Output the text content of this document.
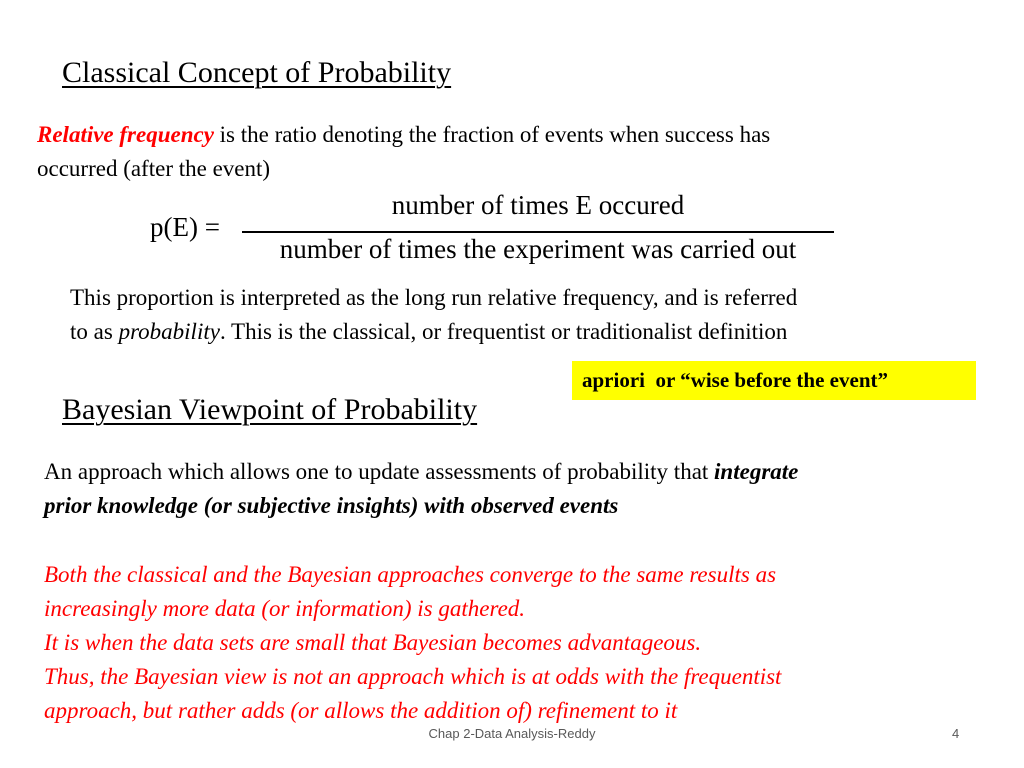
Classical Concept of Probability
Relative frequency is the ratio denoting the fraction of events when success has
occurred (after the event)
p(E) =
number of times E occured
number of times the experiment was carried out
This proportion is interpreted as the long run relative frequency, and is referred
to as probability. This is the classical, or frequentist or traditionalist definition
apriori  or “wise before the event”
Bayesian Viewpoint of Probability
An approach which allows one to update assessments of probability that integrate
prior knowledge (or subjective insights) with observed events
Both the classical and the Bayesian approaches converge to the same results as
increasingly more data (or information) is gathered.
It is when the data sets are small that Bayesian becomes advantageous.
Thus, the Bayesian view is not an approach which is at odds with the frequentist
approach, but rather adds (or allows the addition of) refinement to it
Chap 2-Data Analysis-Reddy	4
